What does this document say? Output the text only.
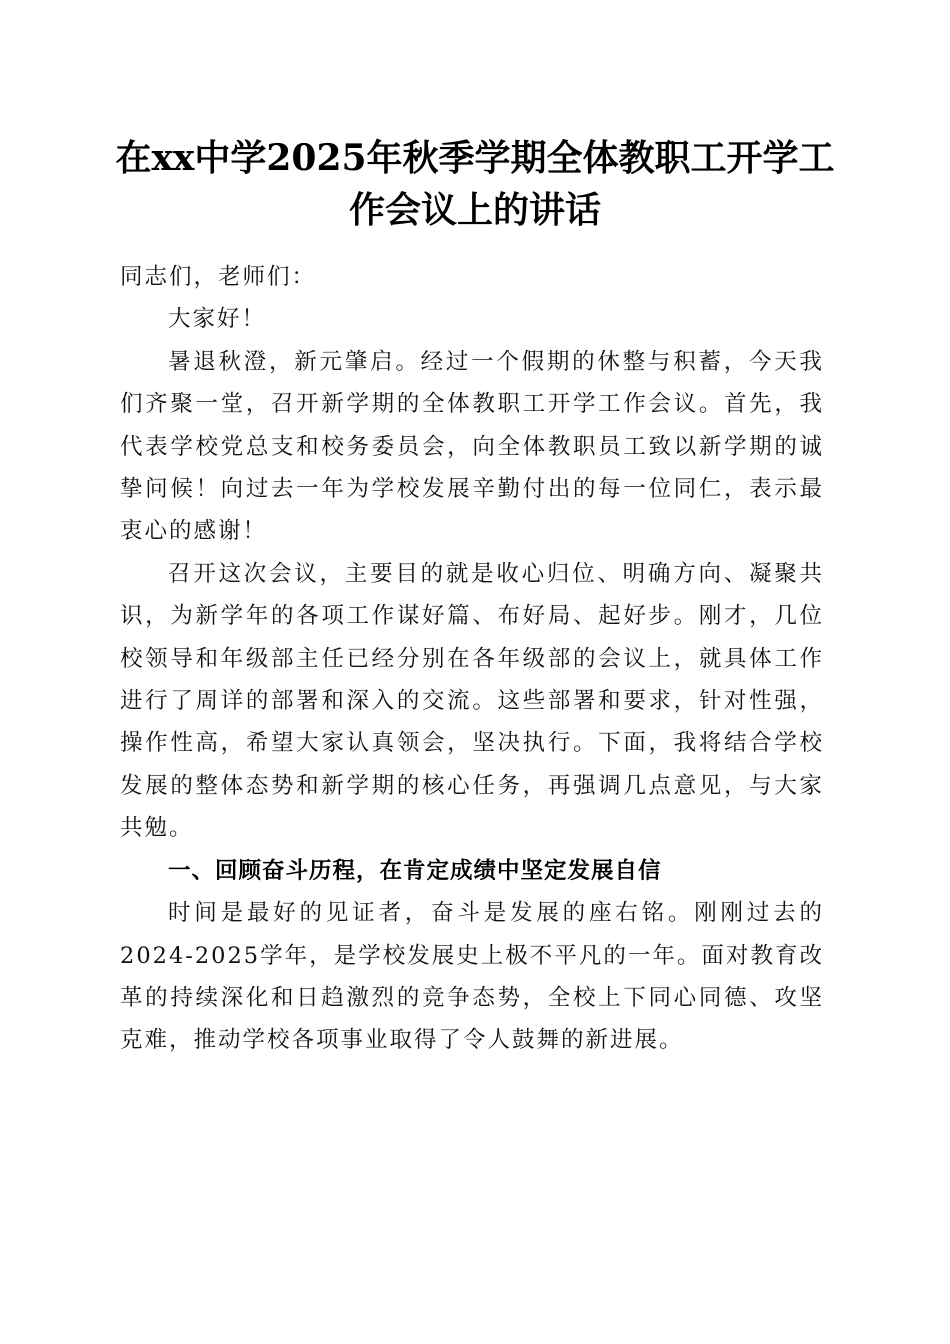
在xx中学2025年秋季学期全体教职工开学工
作会议上的讲话

同志们，老师们：

大家好！

暑退秋澄，新元肇启。经过一个假期的休整与积蓄，今天我们齐聚一堂，召开新学期的全体教职工开学工作会议。首先，我代表学校党总支和校务委员会，向全体教职员工致以新学期的诚挚问候！向过去一年为学校发展辛勤付出的每一位同仁，表示最衷心的感谢！

召开这次会议，主要目的就是收心归位、明确方向、凝聚共识，为新学年的各项工作谋好篇、布好局、起好步。刚才，几位校领导和年级部主任已经分别在各年级部的会议上，就具体工作进行了周详的部署和深入的交流。这些部署和要求，针对性强，操作性高，希望大家认真领会，坚决执行。下面，我将结合学校发展的整体态势和新学期的核心任务，再强调几点意见，与大家共勉。

一、回顾奋斗历程，在肯定成绩中坚定发展自信

时间是最好的见证者，奋斗是发展的座右铭。刚刚过去的2024-2025学年，是学校发展史上极不平凡的一年。面对教育改革的持续深化和日趋激烈的竞争态势，全校上下同心同德、攻坚克难，推动学校各项事业取得了令人鼓舞的新进展。
